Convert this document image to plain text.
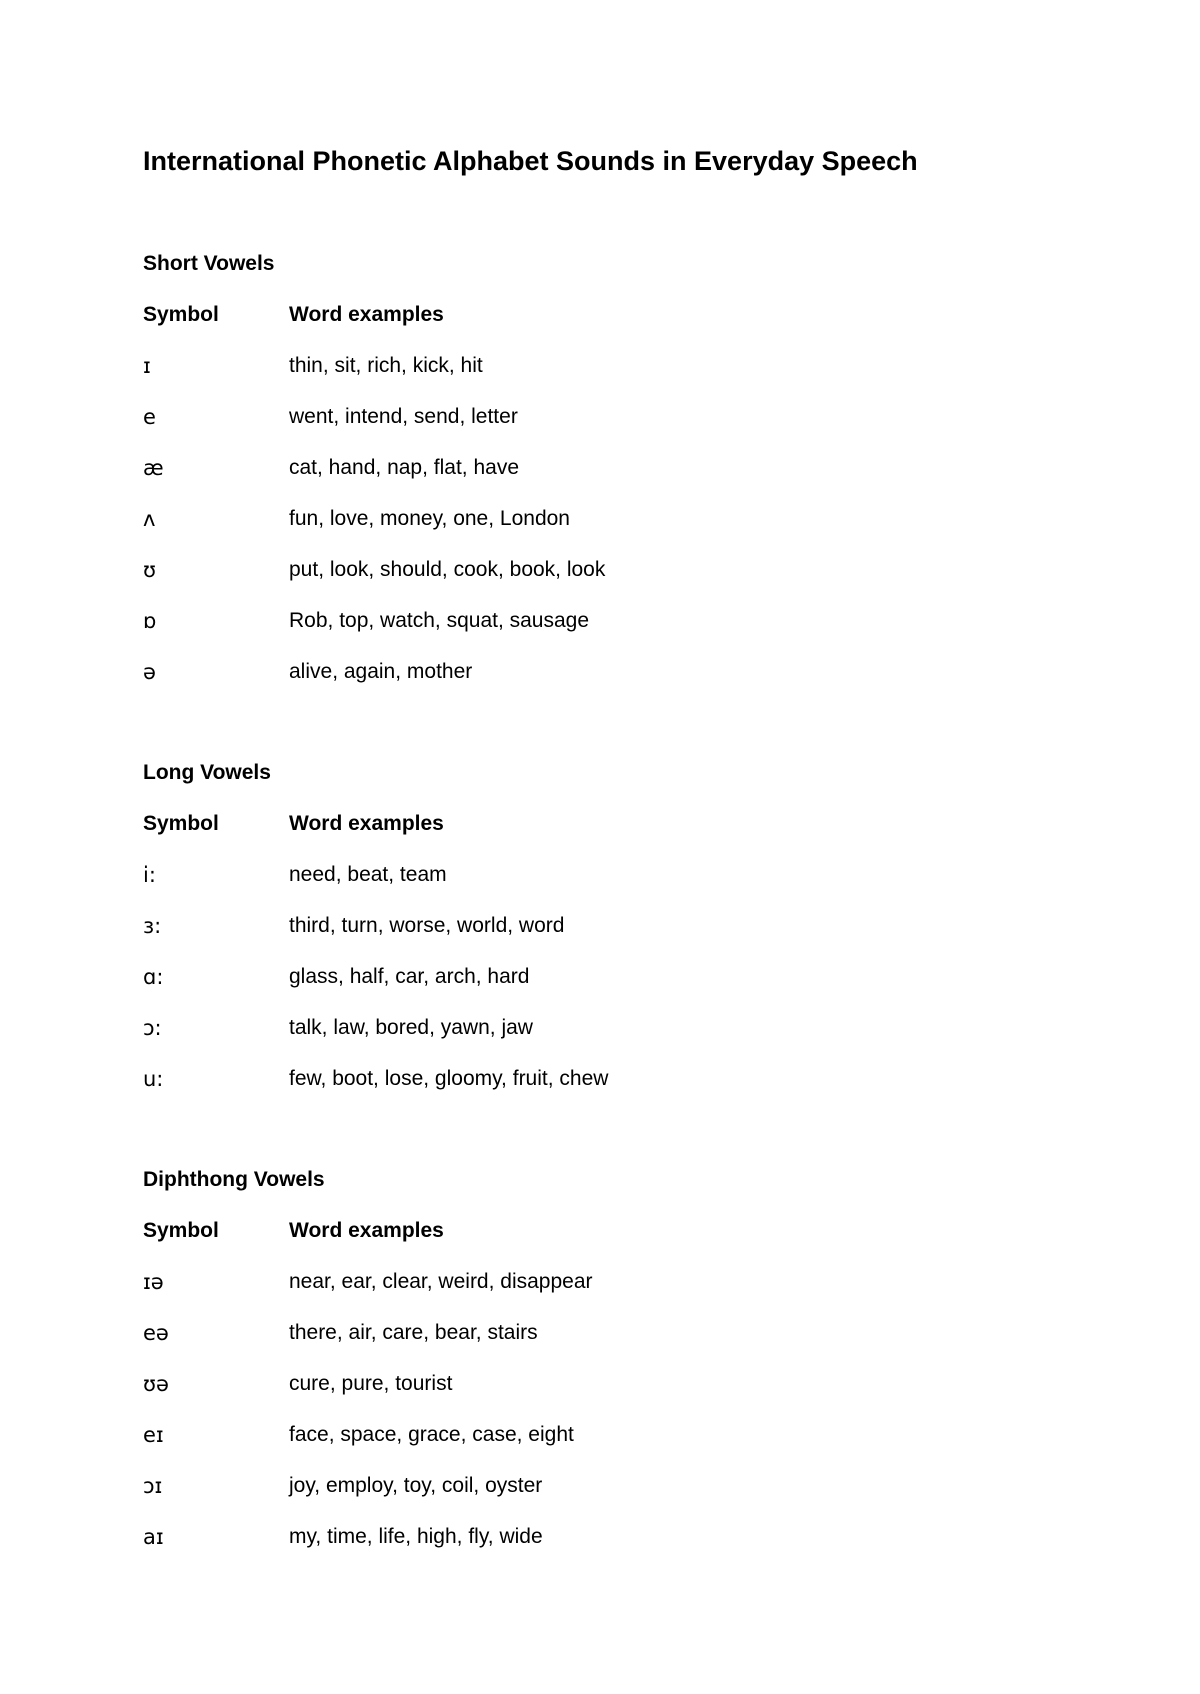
International Phonetic Alphabet Sounds in Everyday Speech
Short Vowels
Symbol	Word examples
ɪ	thin, sit, rich, kick, hit
e	went, intend, send, letter
æ	cat, hand, nap, flat, have
ʌ	fun, love, money, one, London
ʊ	put, look, should, cook, book, look
ɒ	Rob, top, watch, squat, sausage
ə	alive, again, mother
Long Vowels
Symbol	Word examples
i:	need, beat, team
ɜ:	third, turn, worse, world, word
ɑ:	glass, half, car, arch, hard
ɔ:	talk, law, bored, yawn, jaw
u:	few, boot, lose, gloomy, fruit, chew
Diphthong Vowels
Symbol	Word examples
ɪə	near, ear, clear, weird, disappear
eə	there, air, care, bear, stairs
ʊə	cure, pure, tourist
eɪ	face, space, grace, case, eight
ɔɪ	joy, employ, toy, coil, oyster
aɪ	my, time, life, high, fly, wide
